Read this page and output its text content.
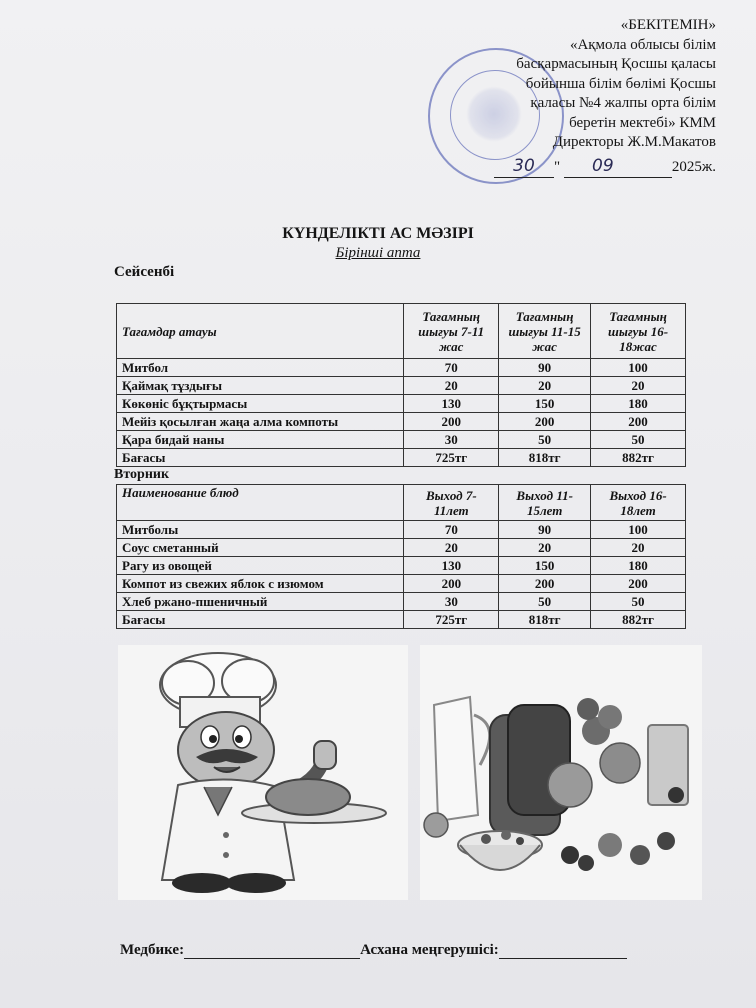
«БЕКІТЕМІН»
«Ақмола облысы білім
басқармасының Қосшы қаласы
бойынша білім бөлімі Қосшы
қаласы №4 жалпы орта білім
беретін мектебі» КММ
Директоры Ж.М.Макатов
30 " 09	2025ж.
КҮНДЕЛІКТІ АС МӘЗІРІ
Бірінші апта
Сейсенбі
Тағамдар атауы	Тағамның шығуы 7-11 жас	Тағамның шығуы 11-15 жас	Тағамның шығуы 16-18жас
Митбол	70	90	100
Қаймақ тұздығы	20	20	20
Көкөніс бұқтырмасы	130	150	180
Мейіз қосылған жаңа алма компоты	200	200	200
Қара бидай наны	30	50	50
Бағасы	725тг	818тг	882тг
Вторник
Наименование блюд	Выход 7-11лет	Выход 11-15лет	Выход 16-18лет
Митболы	70	90	100
Соус сметанный	20	20	20
Рагу из овощей	130	150	180
Компот из свежих яблок с изюмом	200	200	200
Хлеб ржано-пшеничный	30	50	50
Бағасы	725тг	818тг	882тг
Медбике:	Асхана меңгерушісі:
